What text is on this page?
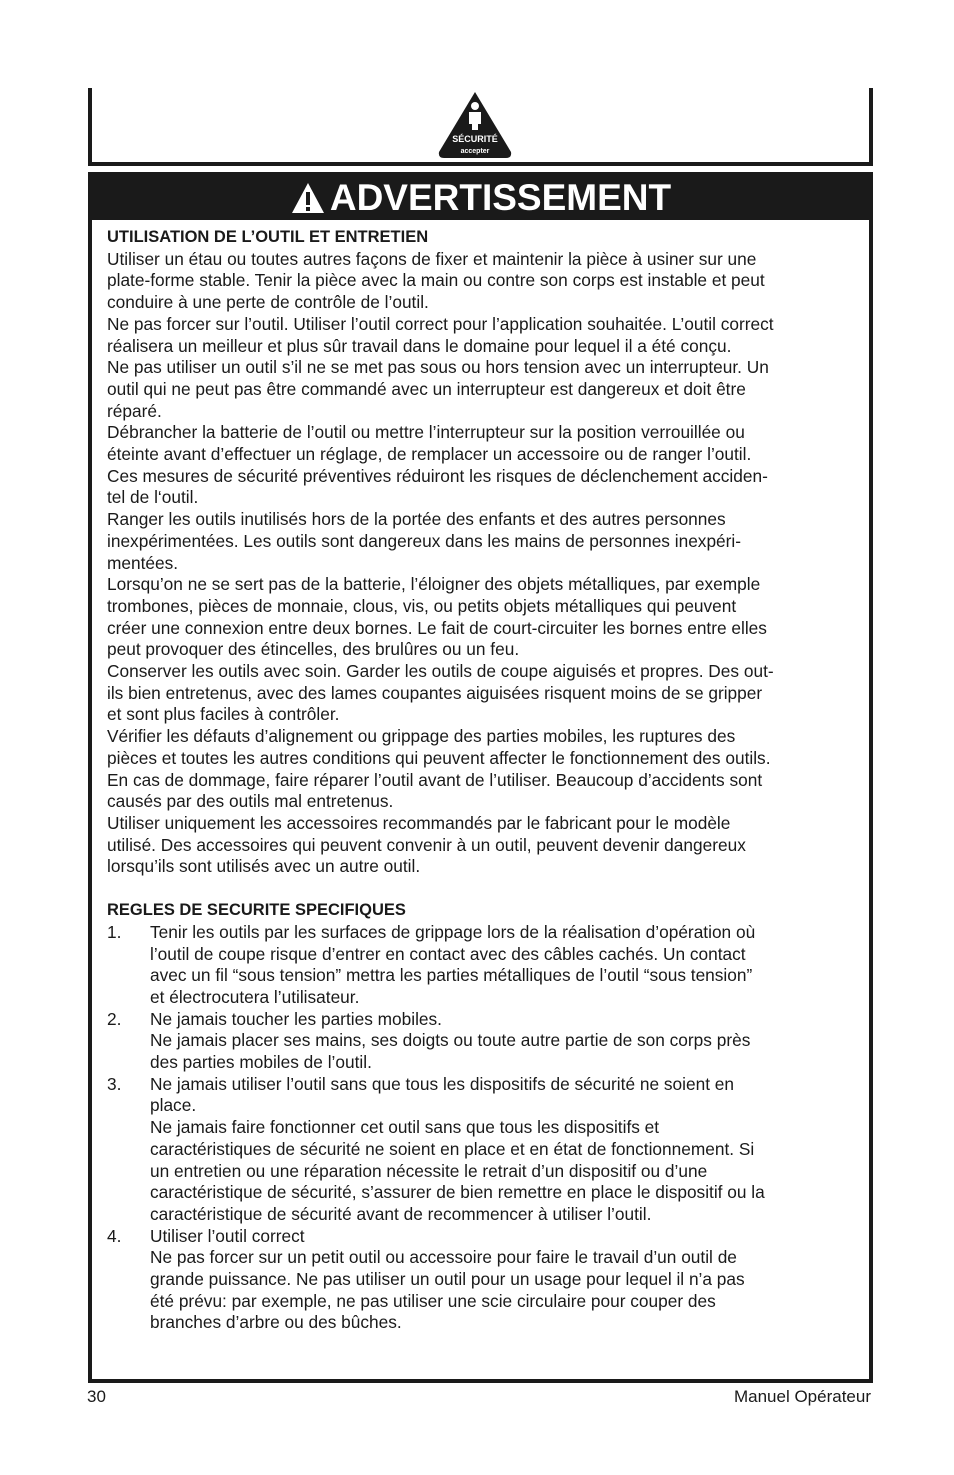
SÉCURITÉ
accepter
ADVERTISSEMENT
UTILISATION DE L’OUTIL ET ENTRETIEN

Utiliser un étau ou toutes autres façons de fixer et maintenir la pièce à usiner sur une

plate-forme stable. Tenir la pièce avec la main ou contre son corps est instable et peut

conduire à une perte de contrôle de l’outil.

Ne pas forcer sur l’outil. Utiliser l’outil correct pour l’application souhaitée. L’outil correct

réalisera un meilleur et plus sûr travail dans le domaine pour lequel il a été conçu.

Ne pas utiliser un outil s’il ne se met pas sous ou hors tension avec un interrupteur. Un

outil qui ne peut pas être commandé avec un interrupteur est dangereux et doit être

réparé.

Débrancher la batterie de l’outil ou mettre l’interrupteur sur la position verrouillée ou

éteinte avant d’effectuer un réglage, de remplacer un accessoire ou de ranger l’outil.

Ces mesures de sécurité préventives réduiront les risques de déclenchement acciden-

tel de l‘outil.

Ranger les outils inutilisés hors de la portée des enfants et des autres personnes

inexpérimentées. Les outils sont dangereux dans les mains de personnes inexpéri-

mentées.

Lorsqu’on ne se sert pas de la batterie, l’éloigner des objets métalliques, par exemple

trombones, pièces de monnaie, clous, vis, ou petits objets métalliques qui peuvent

créer une connexion entre deux bornes. Le fait de court-circuiter les bornes entre elles

peut provoquer des étincelles, des brulûres ou un feu.

Conserver les outils avec soin. Garder les outils de coupe aiguisés et propres. Des out-

ils bien entretenus, avec des lames coupantes aiguisées risquent moins de se gripper

et sont plus faciles à contrôler.

Vérifier les défauts d’alignement ou grippage des parties mobiles, les ruptures des

pièces et toutes les autres conditions qui peuvent affecter le fonctionnement des outils.

En cas de dommage, faire réparer l’outil avant de l’utiliser. Beaucoup d’accidents sont

causés par des outils mal entretenus.

Utiliser uniquement les accessoires recommandés par le fabricant pour le modèle

utilisé. Des accessoires qui peuvent convenir à un outil, peuvent devenir dangereux

lorsqu’ils sont utilisés avec un autre outil.

REGLES DE SECURITE SPECIFIQUES
1.	Tenir les outils par les surfaces de grippage lors de la réalisation d’opération où

l’outil de coupe risque d’entrer en contact avec des câbles cachés. Un contact

avec un fil “sous tension” mettra les parties métalliques de l’outil “sous tension”

et électrocutera l’utilisateur.

2.	Ne jamais toucher les parties mobiles.

Ne jamais placer ses mains, ses doigts ou toute autre partie de son corps près

des parties mobiles de l’outil.

3.	Ne jamais utiliser l’outil sans que tous les dispositifs de sécurité ne soient en

place.

Ne jamais faire fonctionner cet outil sans que tous les dispositifs et

caractéristiques de sécurité ne soient en place et en état de fonctionnement. Si

un entretien ou une réparation nécessite le retrait d’un dispositif ou d’une

caractéristique de sécurité, s’assurer de bien remettre en place le dispositif ou la

caractéristique de sécurité avant de recommencer à utiliser l’outil.

4.	Utiliser l’outil correct

Ne pas forcer sur un petit outil ou accessoire pour faire le travail d’un outil de

grande puissance. Ne pas utiliser un outil pour un usage pour lequel il n’a pas

été prévu: par exemple, ne pas utiliser une scie circulaire pour couper des

branches d’arbre ou des bûches.

30	Manuel Opérateur
